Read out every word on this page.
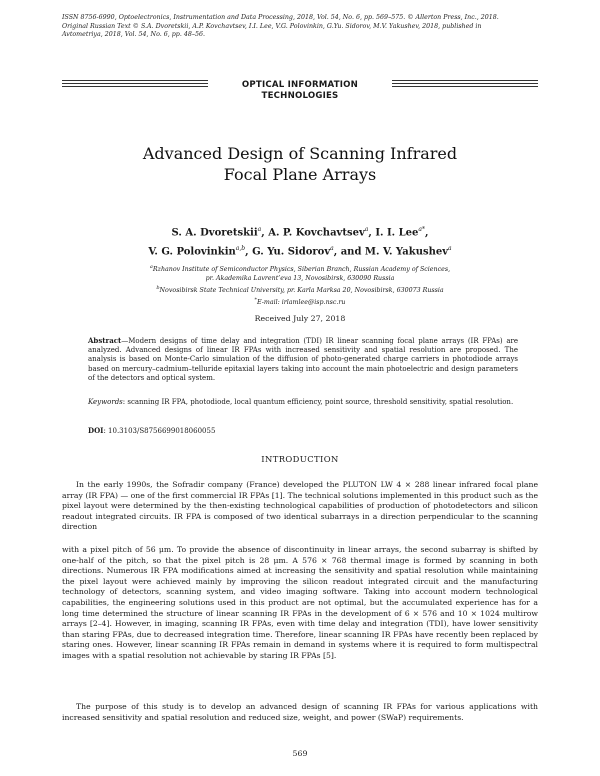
ISSN 8756-6990, Optoelectronics, Instrumentation and Data Processing, 2018, Vol. 54, No. 6, pp. 569–575. © Allerton Press, Inc., 2018.
Original Russian Text © S.A. Dvoretskii, A.P. Kovchavtsev, I.I. Lee, V.G. Polovinkin, G.Yu. Sidorov, M.V. Yakushev, 2018, published in
Avtometriya, 2018, Vol. 54, No. 6, pp. 48–56.
OPTICAL INFORMATION
TECHNOLOGIES
Advanced Design of Scanning Infrared
Focal Plane Arrays
S. A. Dvoretskii$^a$, A. P. Kovchavtsev$^a$, I. I. Lee$^{a*}$,
V. G. Polovinkin$^{a,b}$, G. Yu. Sidorov$^a$, and M. V. Yakushev$^a$
$^a$Rzhanov Institute of Semiconductor Physics, Siberian Branch, Russian Academy of Sciences,
pr. Akademika Lavrent’eva 13, Novosibirsk, 630090 Russia
$^b$Novosibirsk State Technical University, pr. Karla Marksa 20, Novosibirsk, 630073 Russia
*E-mail: irlamlee@isp.nsc.ru
Received July 27, 2018
Abstract—Modern designs of time delay and integration (TDI) IR linear scanning focal plane arrays (IR FPAs) are analyzed. Advanced designs of linear IR FPAs with increased sensitivity and spatial resolution are proposed. The analysis is based on Monte-Carlo simulation of the diffusion of photo-generated charge carriers in photodiode arrays based on mercury–cadmium–telluride epitaxial layers taking into account the main photoelectric and design parameters of the detectors and optical system.
Keywords: scanning IR FPA, photodiode, local quantum efficiency, point source, threshold sensitivity, spatial resolution.
DOI: 10.3103/S8756699018060055
INTRODUCTION
In the early 1990s, the Sofradir company (France) developed the PLUTON LW 4 × 288 linear infrared focal plane array (IR FPA) — one of the first commercial IR FPAs [1]. The technical solutions implemented in this product such as the pixel layout were determined by the then-existing technological capabilities of production of photodetectors and silicon readout integrated circuits. IR FPA is composed of two identical subarrays in a direction perpendicular to the scanning direction
with a pixel pitch of 56 μm. To provide the absence of discontinuity in linear arrays, the second subarray is shifted by one-half of the pitch, so that the pixel pitch is 28 μm. A 576 × 768 thermal image is formed by scanning in both directions. Numerous IR FPA modifications aimed at increasing the sensitivity and spatial resolution while maintaining the pixel layout were achieved mainly by improving the silicon readout integrated circuit and the manufacturing technology of detectors, scanning system, and video imaging software. Taking into account modern technological capabilities, the engineering solutions used in this product are not optimal, but the accumulated experience has for a long time determined the structure of linear scanning IR FPAs in the development of 6 × 576 and 10 × 1024 multirow arrays [2–4]. However, in imaging, scanning IR FPAs, even with time delay and integration (TDI), have lower sensitivity than staring FPAs, due to decreased integration time. Therefore, linear scanning IR FPAs have recently been replaced by staring ones. However, linear scanning IR FPAs remain in demand in systems where it is required to form multispectral images with a spatial resolution not achievable by staring IR FPAs [5].
The purpose of this study is to develop an advanced design of scanning IR FPAs for various applications with increased sensitivity and spatial resolution and reduced size, weight, and power (SWaP) requirements.
569
